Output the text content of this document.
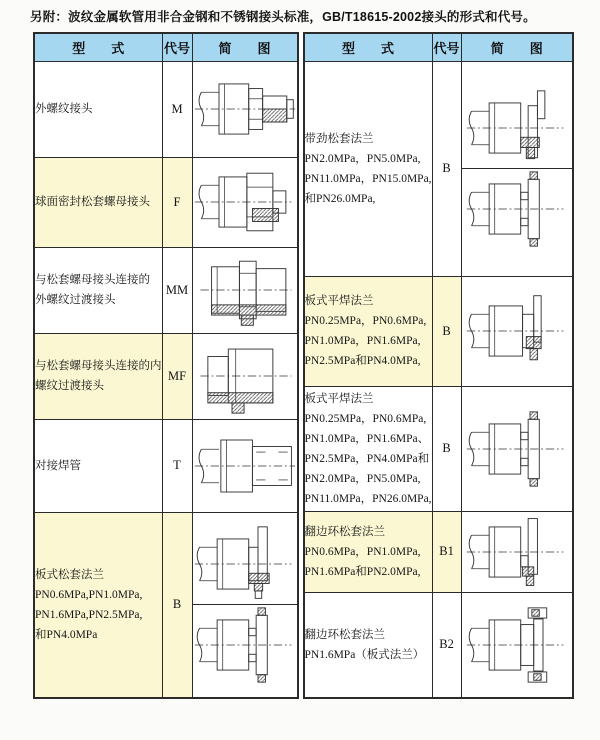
另附：波纹金属软管用非合金钢和不锈钢接头标准，GB/T18615-2002接头的形式和代号。
型　　式	代号	简　　图

外螺纹接头	M	

球面密封松套螺母接头	F	

与松套螺母接头连接的
外螺纹过渡接头	MM	

与松套螺母接头连接的内
螺纹过渡接头	MF	

对接焊管	T	

板式松套法兰
PN0.6MPa,PN1.0MPa,
PN1.6MPa,PN2.5MPa,
和PN4.0MPa	B	
型　　式	代号	简　　图

带劲松套法兰
PN2.0MPa，PN5.0MPa,
PN11.0MPa，PN15.0MPa,
和PN26.0MPa,	B	

板式平焊法兰
PN0.25MPa，PN0.6MPa,
PN1.0MPa，PN1.6MPa,
PN2.5MPa和PN4.0MPa,	B	

板式平焊法兰
PN0.25MPa，PN0.6MPa,
PN1.0MPa，PN1.6MPa、
PN2.5MPa，PN4.0MPa和
PN2.0MPa，PN5.0MPa,
PN11.0MPa，PN26.0MPa,
	B	

翻边环松套法兰
PN0.6MPa，PN1.0MPa,
PN1.6MPa和PN2.0MPa,	B1	

翻边环松套法兰
PN1.6MPa（板式法兰）	B2	
